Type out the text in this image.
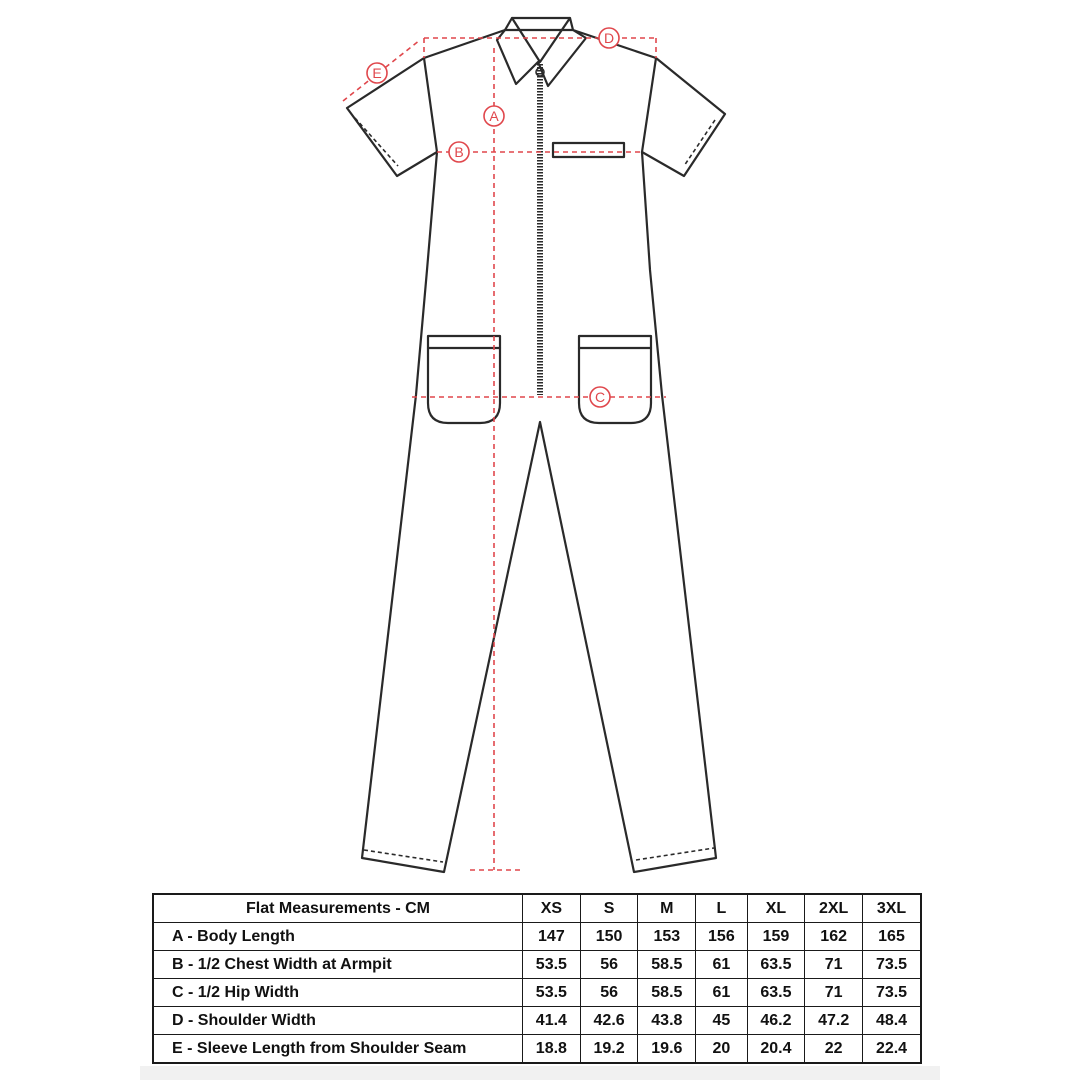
A
B
C
D
E
Flat Measurements - CM	XS	S	M	L	XL	2XL	3XL
A - Body Length	147	150	153	156	159	162	165
B - 1/2 Chest Width at Armpit	53.5	56	58.5	61	63.5	71	73.5
C - 1/2 Hip Width	53.5	56	58.5	61	63.5	71	73.5
D - Shoulder Width	41.4	42.6	43.8	45	46.2	47.2	48.4
E - Sleeve Length from Shoulder Seam	18.8	19.2	19.6	20	20.4	22	22.4
